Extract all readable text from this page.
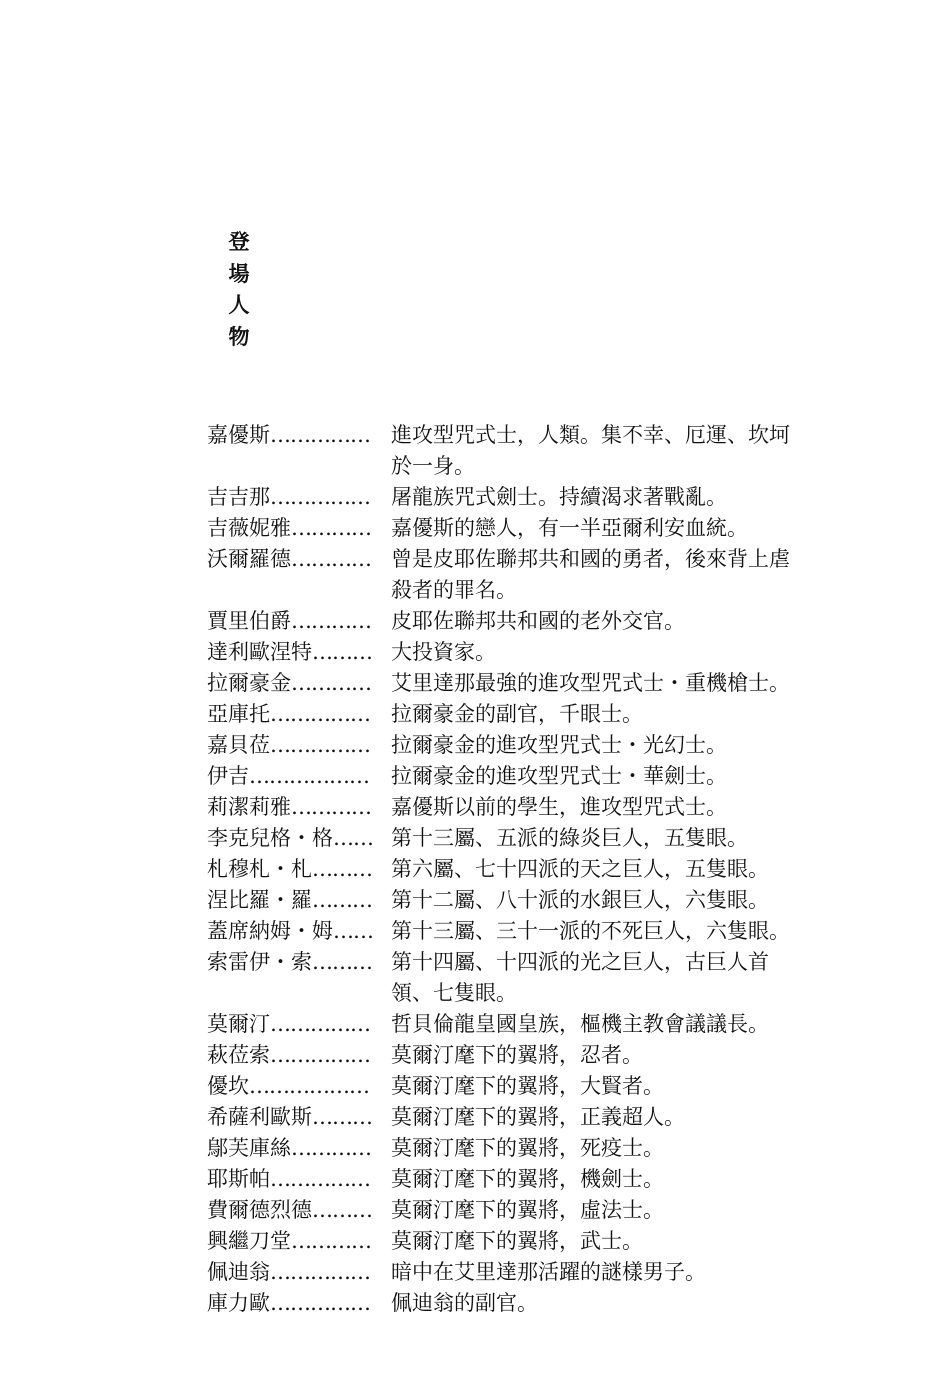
登
場
人
物
嘉優斯…………… 進攻型咒式士，人類。集不幸、厄運、坎坷
於一身。
吉吉那…………… 屠龍族咒式劍士。持續渴求著戰亂。
吉薇妮雅………… 嘉優斯的戀人，有一半亞爾利安血統。
沃爾羅德………… 曾是皮耶佐聯邦共和國的勇者，後來背上虐
殺者的罪名。
賈里伯爵………… 皮耶佐聯邦共和國的老外交官。
達利歐涅特……… 大投資家。
拉爾豪金………… 艾里達那最強的進攻型咒式士・重機槍士。
亞庫托…………… 拉爾豪金的副官，千眼士。
嘉貝莅…………… 拉爾豪金的進攻型咒式士・光幻士。
伊吉……………… 拉爾豪金的進攻型咒式士・華劍士。
莉潔莉雅………… 嘉優斯以前的學生，進攻型咒式士。
李克兒格・格…… 第十三屬、五派的綠炎巨人，五隻眼。
札穆札・札……… 第六屬、七十四派的天之巨人，五隻眼。
涅比羅・羅……… 第十二屬、八十派的水銀巨人，六隻眼。
蓋席納姆・姆…… 第十三屬、三十一派的不死巨人，六隻眼。
索雷伊・索……… 第十四屬、十四派的光之巨人，古巨人首
領、七隻眼。
莫爾汀…………… 哲貝倫龍皇國皇族，樞機主教會議議長。
萩莅索…………… 莫爾汀麾下的翼將，忍者。
優坎……………… 莫爾汀麾下的翼將，大賢者。
希薩利歐斯……… 莫爾汀麾下的翼將，正義超人。
鄔芙庫絲………… 莫爾汀麾下的翼將，死疫士。
耶斯帕…………… 莫爾汀麾下的翼將，機劍士。
費爾德烈德……… 莫爾汀麾下的翼將，虛法士。
興繼刀堂………… 莫爾汀麾下的翼將，武士。
佩迪翁…………… 暗中在艾里達那活躍的謎樣男子。
庫力歐…………… 佩迪翁的副官。
